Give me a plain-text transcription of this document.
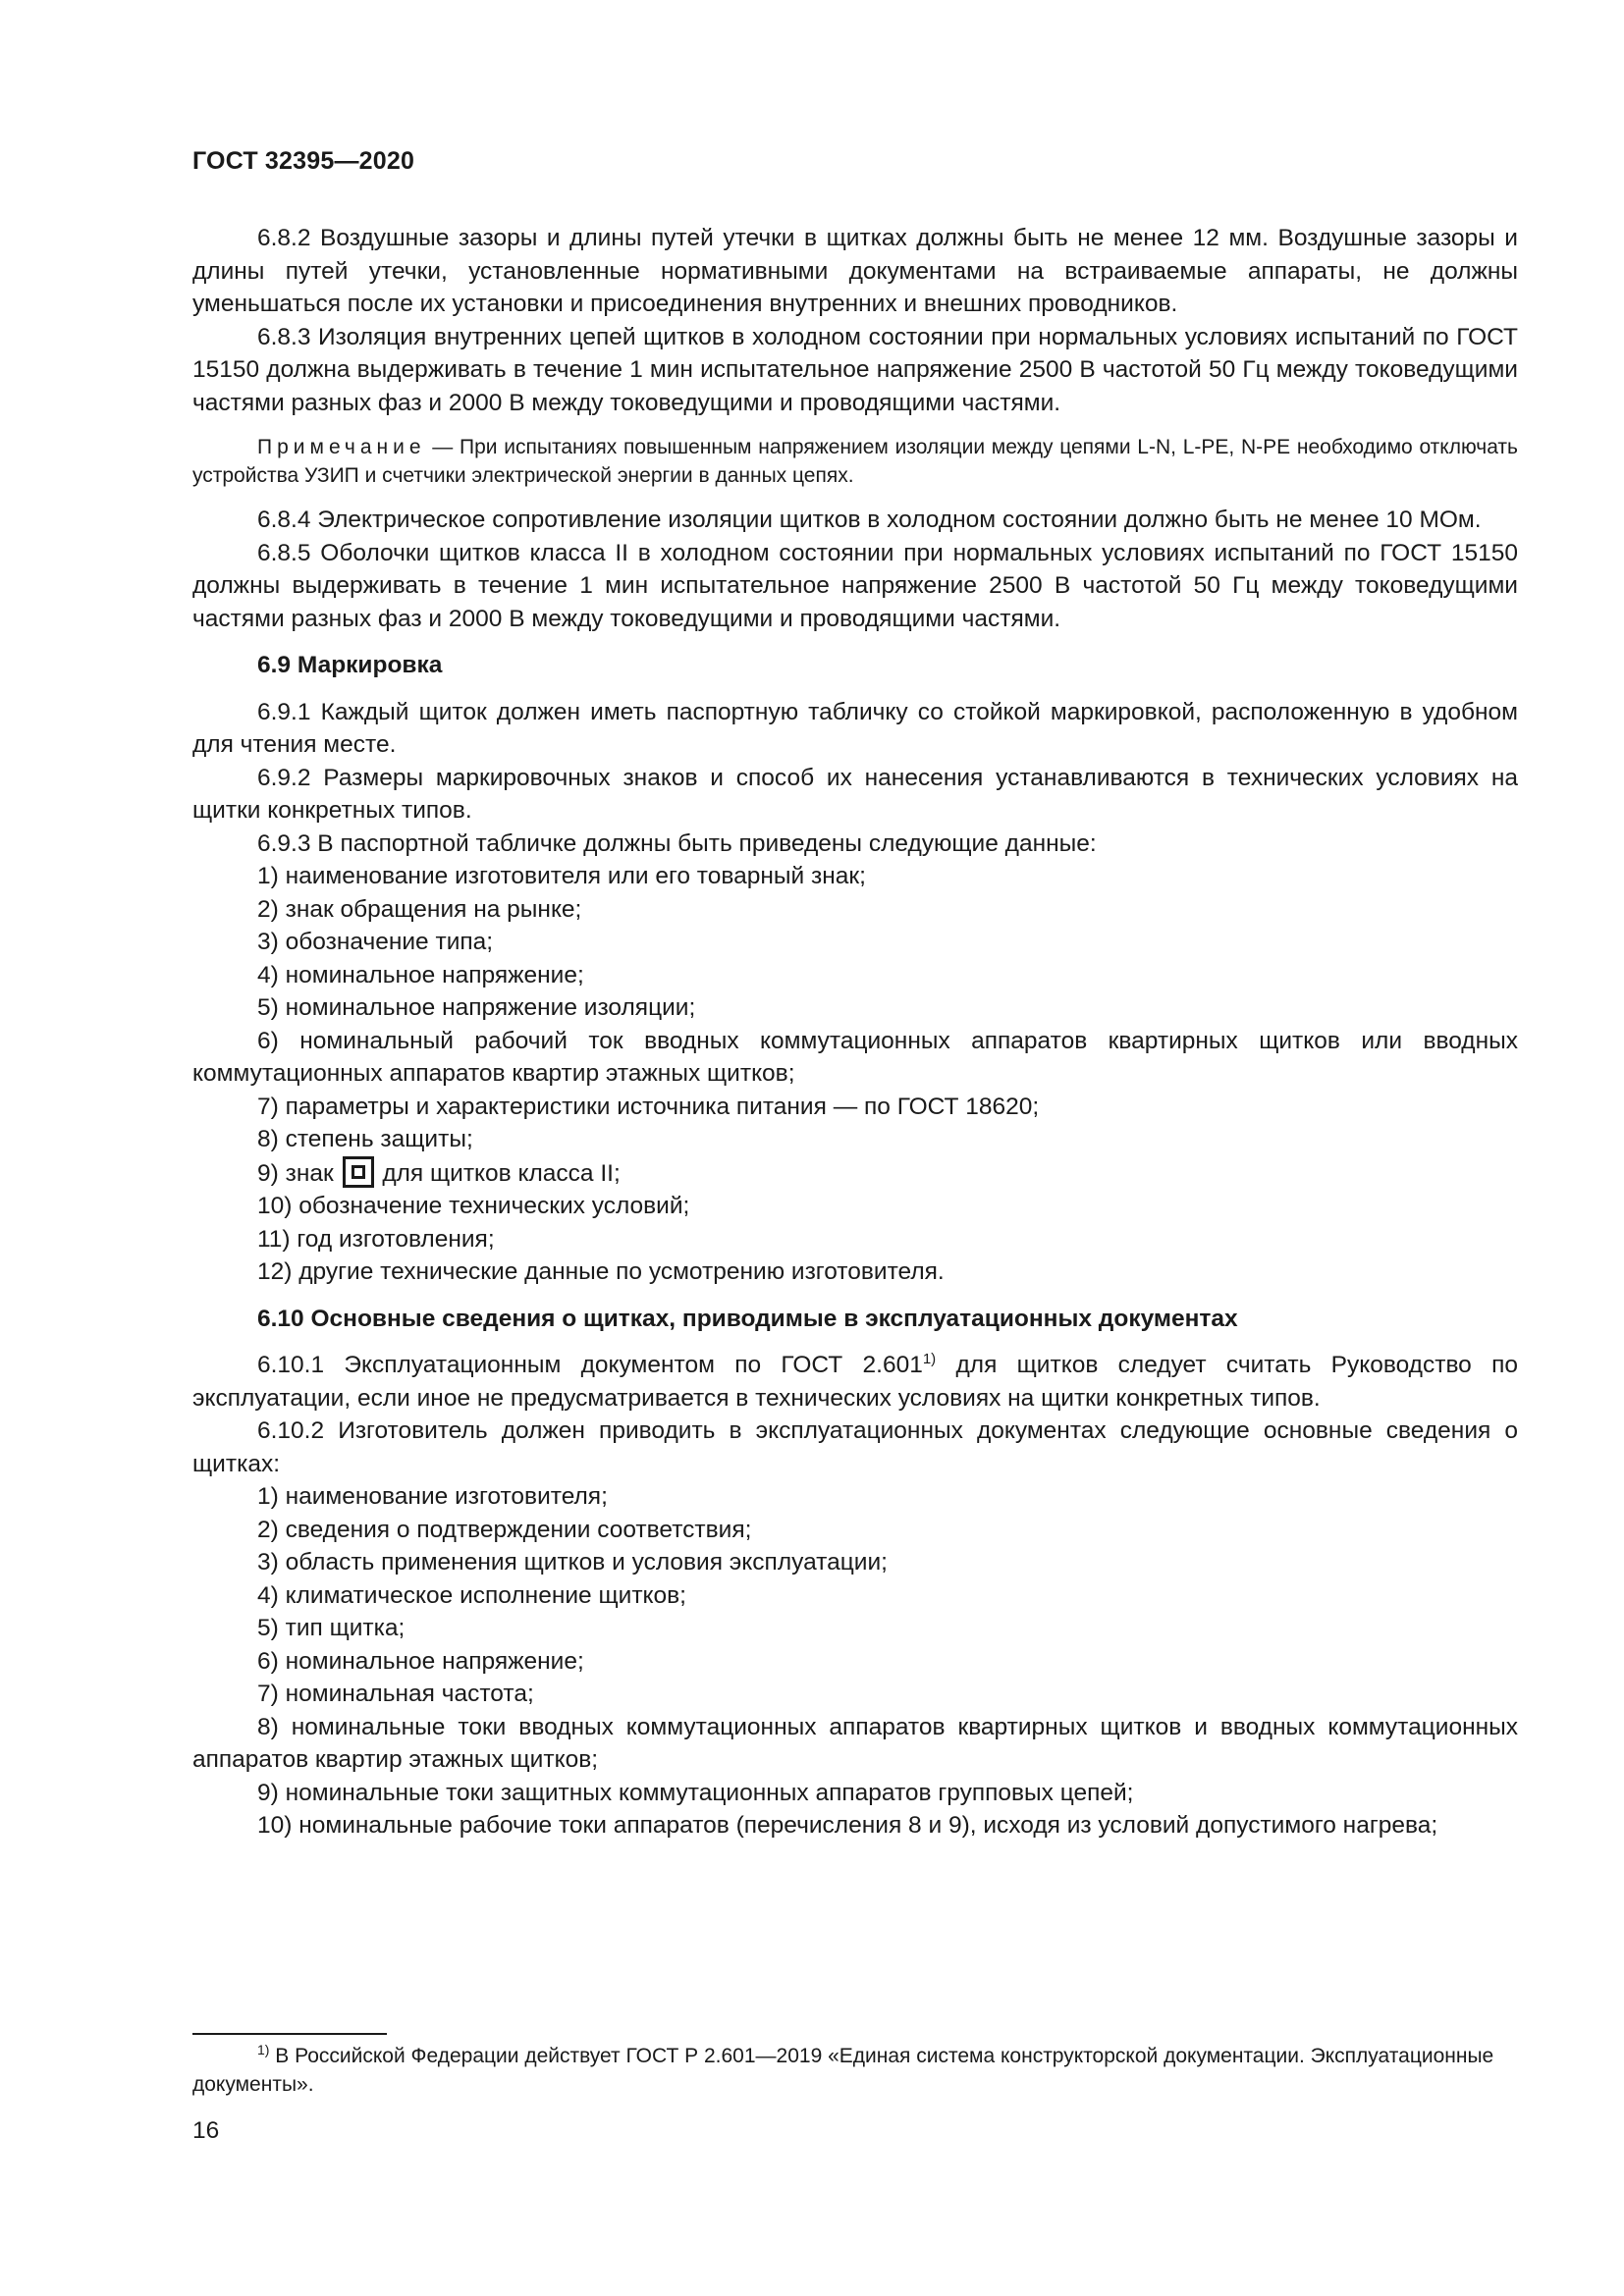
ГОСТ 32395—2020

6.8.2 Воздушные зазоры и длины путей утечки в щитках должны быть не менее 12 мм. Воздушные зазоры и длины путей утечки, установленные нормативными документами на встраиваемые аппараты, не должны уменьшаться после их установки и присоединения внутренних и внешних проводников.

6.8.3 Изоляция внутренних цепей щитков в холодном состоянии при нормальных условиях испытаний по ГОСТ 15150 должна выдерживать в течение 1 мин испытательное напряжение 2500 В частотой 50 Гц между токоведущими частями разных фаз и 2000 В между токоведущими и проводящими частями.

Примечание — При испытаниях повышенным напряжением изоляции между цепями L-N, L-PE, N-PE необходимо отключать устройства УЗИП и счетчики электрической энергии в данных цепях.

6.8.4 Электрическое сопротивление изоляции щитков в холодном состоянии должно быть не менее 10 МОм.

6.8.5 Оболочки щитков класса II в холодном состоянии при нормальных условиях испытаний по ГОСТ 15150 должны выдерживать в течение 1 мин испытательное напряжение 2500 В частотой 50 Гц между токоведущими частями разных фаз и 2000 В между токоведущими и проводящими частями.

6.9 Маркировка

6.9.1 Каждый щиток должен иметь паспортную табличку со стойкой маркировкой, расположенную в удобном для чтения месте.

6.9.2 Размеры маркировочных знаков и способ их нанесения устанавливаются в технических условиях на щитки конкретных типов.

6.9.3 В паспортной табличке должны быть приведены следующие данные:

1) наименование изготовителя или его товарный знак;

2) знак обращения на рынке;

3) обозначение типа;

4) номинальное напряжение;

5) номинальное напряжение изоляции;

6) номинальный рабочий ток вводных коммутационных аппаратов квартирных щитков или вводных коммутационных аппаратов квартир этажных щитков;

7) параметры и характеристики источника питания — по ГОСТ 18620;

8) степень защиты;

9) знак
для щитков класса II;

10) обозначение технических условий;

11) год изготовления;

12) другие технические данные по усмотрению изготовителя.

6.10 Основные сведения о щитках, приводимые в эксплуатационных документах

6.10.1 Эксплуатационным документом по ГОСТ 2.601$^{1)}$ для щитков следует считать Руководство по эксплуатации, если иное не предусматривается в технических условиях на щитки конкретных типов.

6.10.2 Изготовитель должен приводить в эксплуатационных документах следующие основные сведения о щитках:

1) наименование изготовителя;

2) сведения о подтверждении соответствия;

3) область применения щитков и условия эксплуатации;

4) климатическое исполнение щитков;

5) тип щитка;

6) номинальное напряжение;

7) номинальная частота;

8) номинальные токи вводных коммутационных аппаратов квартирных щитков и вводных коммутационных аппаратов квартир этажных щитков;

9) номинальные токи защитных коммутационных аппаратов групповых цепей;

10) номинальные рабочие токи аппаратов (перечисления 8 и 9), исходя из условий допустимого нагрева;

$^{1)}$ В Российской Федерации действует ГОСТ Р 2.601—2019 «Единая система конструкторской документации. Эксплуатационные документы».
16
